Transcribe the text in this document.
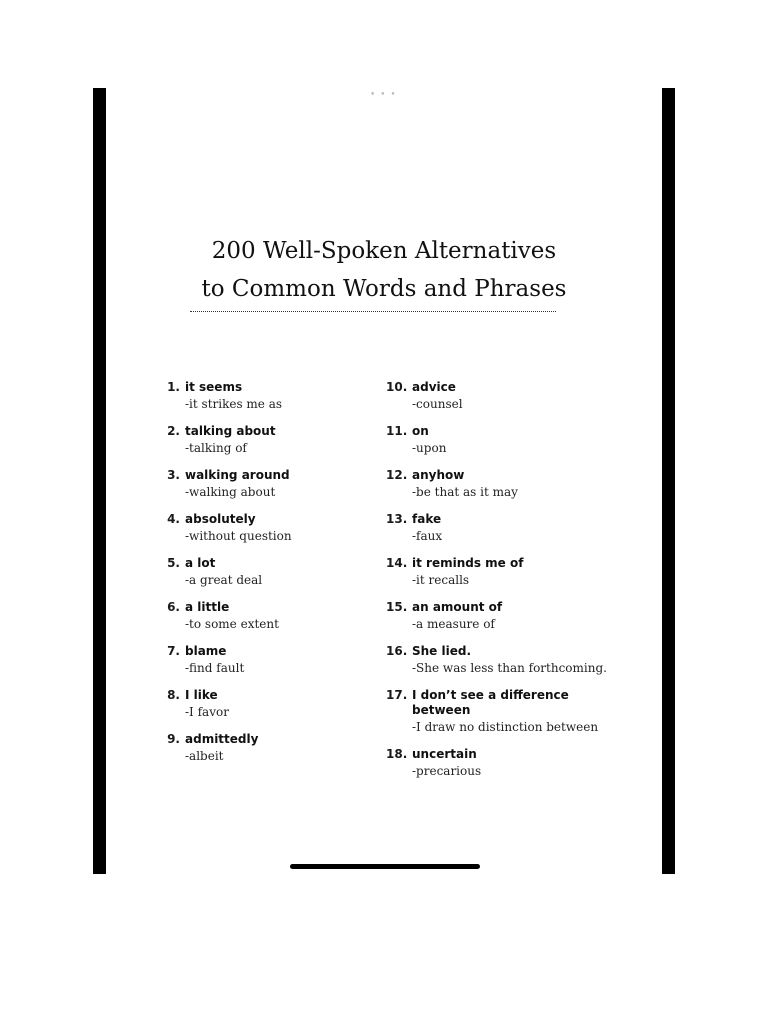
• • •
200 Well-Spoken Alternatives
to Common Words and Phrases
1. it seems
-it strikes me as
2. talking about
-talking of
3. walking around
-walking about
4. absolutely
-without question
5. a lot
-a great deal
6. a little
-to some extent
7. blame
-find fault
8. I like
-I favor
9. admittedly
-albeit
10. advice
-counsel
11. on
-upon
12. anyhow
-be that as it may
13. fake
-faux
14. it reminds me of
-it recalls
15. an amount of
-a measure of
16. She lied.
-She was less than forthcoming.
17. I don’t see a difference between
-I draw no distinction between
18. uncertain
-precarious
